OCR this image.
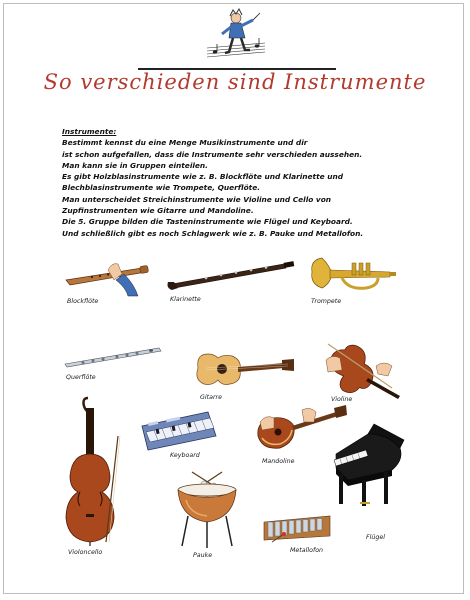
So verschieden sind Instrumente
Instrumente:
Bestimmt kennst du eine Menge Musikinstrumente und dir
ist schon aufgefallen, dass die Instrumente sehr verschieden aussehen.
Man kann sie in Gruppen einteilen.
Es gibt Holzblasinstrumente wie z. B. Blockflöte und Klarinette und
Blechblasinstrumente wie Trompete, Querflöte.
Man unterscheidet Streichinstrumente wie Violine und Cello von
Zupfinstrumenten wie Gitarre und Mandoline.
Die 5. Gruppe bilden die Tasteninstrumente wie Flügel und Keyboard.
Und schließlich gibt es noch Schlagwerk wie z. B. Pauke und Metallofon.
Blockflöte	Klarinette	Trompete
Querflöte
Gitarre	Violine
Violoncello
Keyboard
Mandoline
Flügel
Pauke
Metallofon
